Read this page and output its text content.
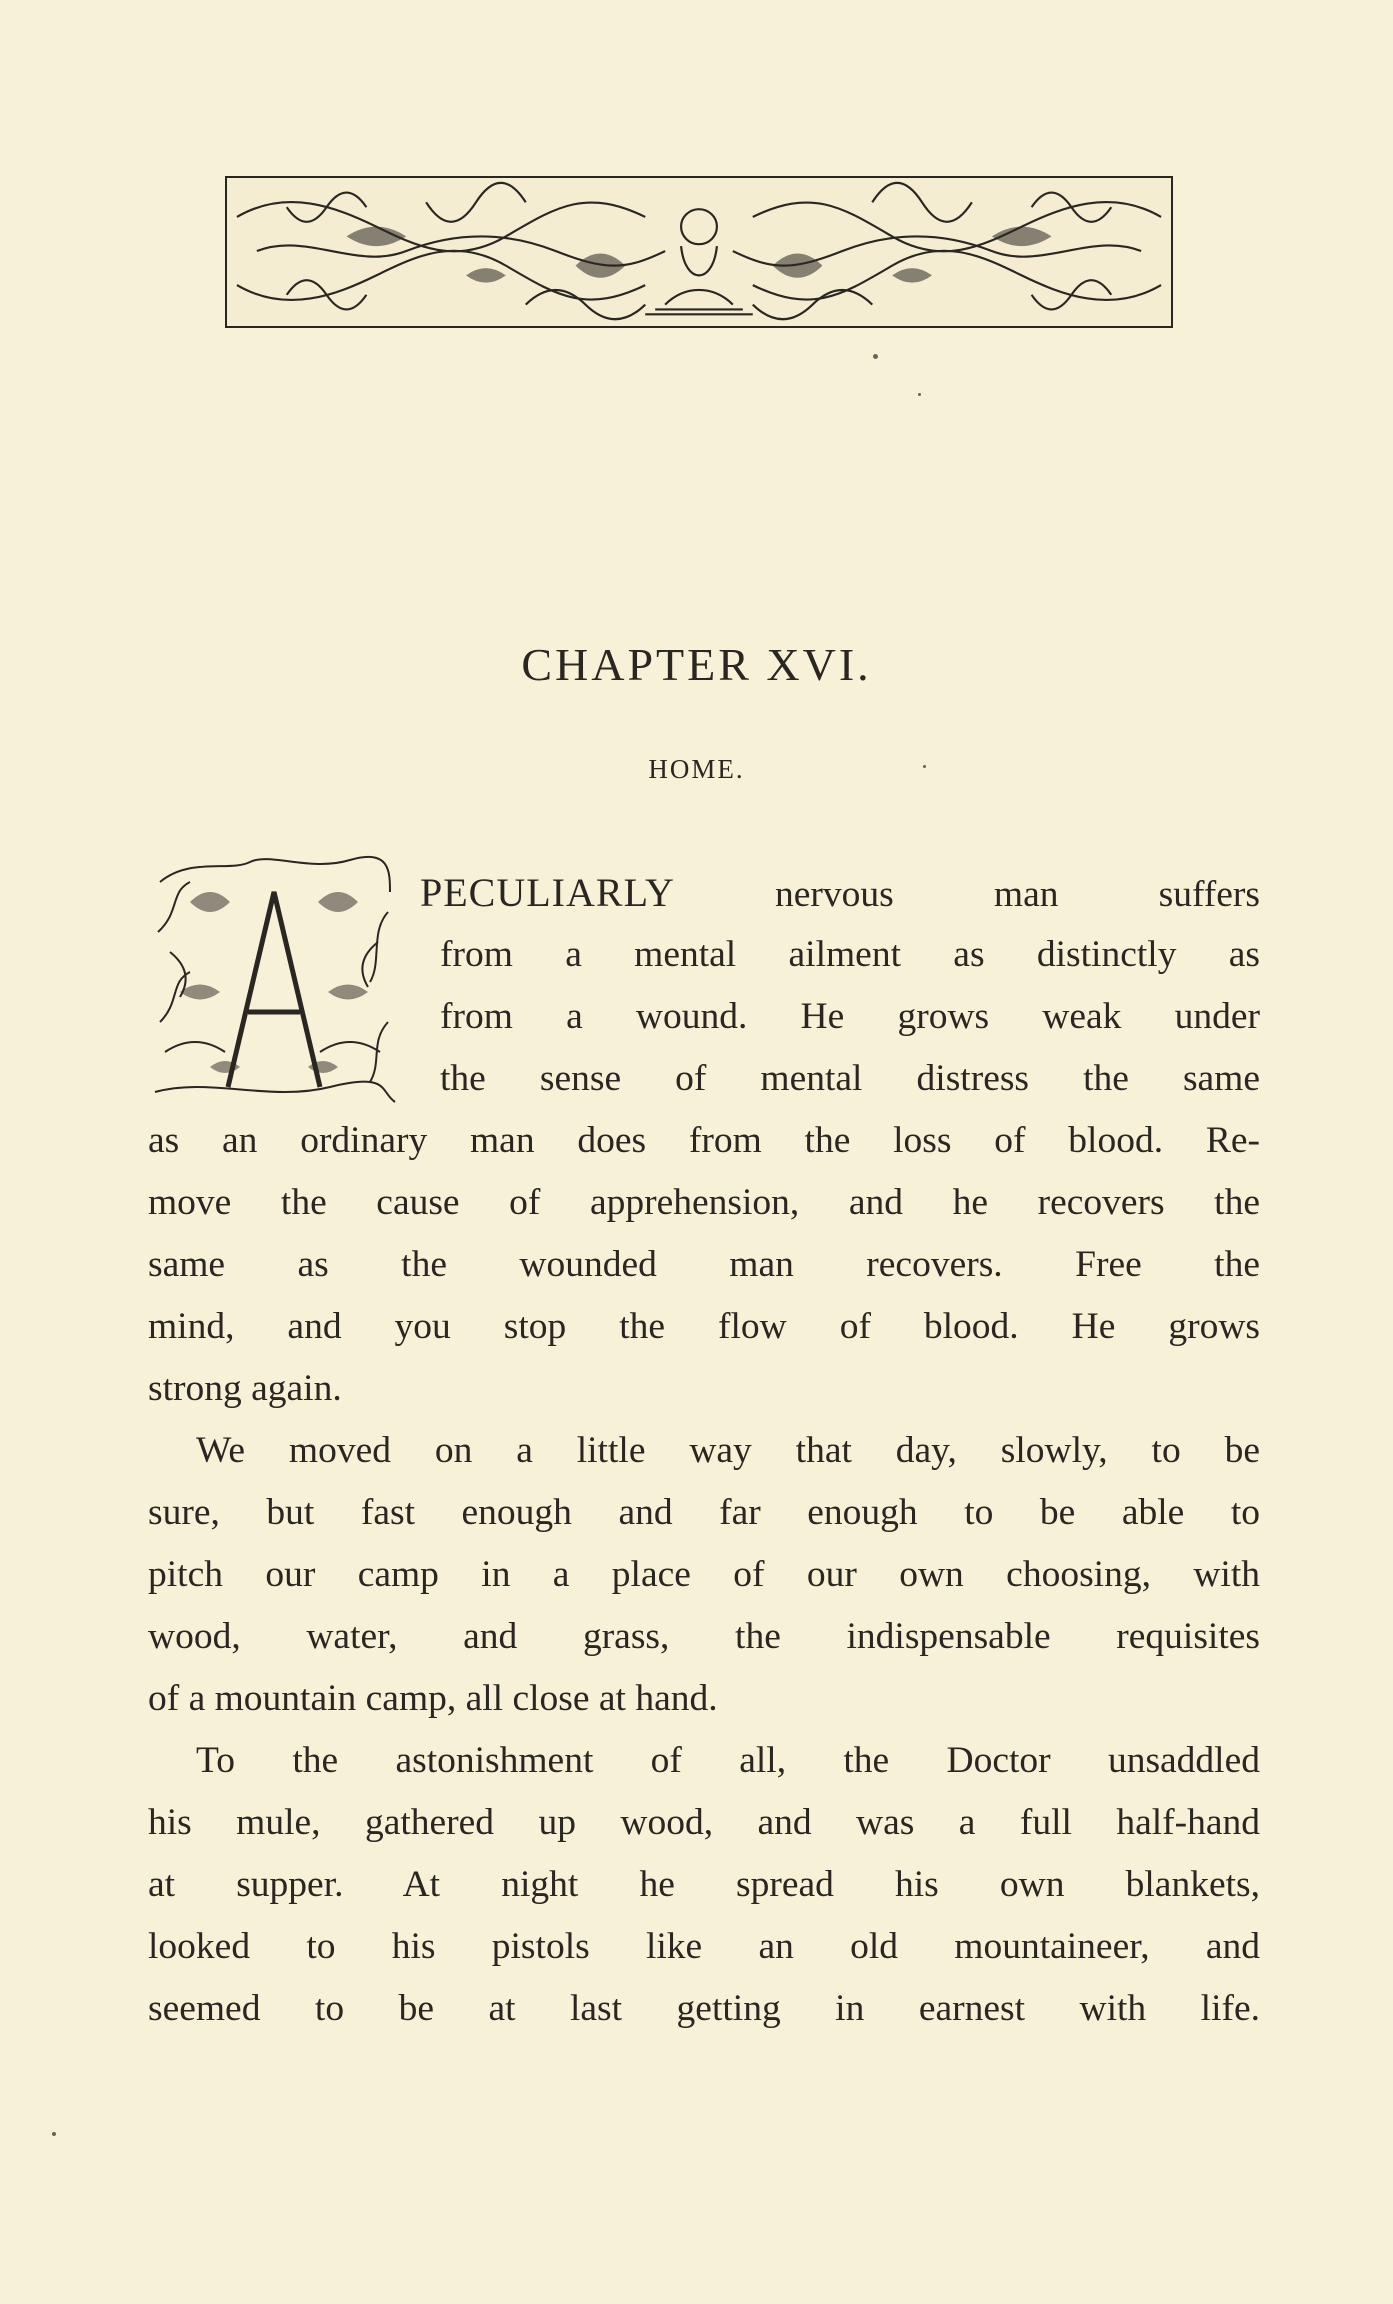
CHAPTER XVI.
HOME.
PECULIARLY nervous man suffers
from a mental ailment as distinctly as
from a wound. He grows weak under
the sense of mental distress the same
as an ordinary man does from the loss of blood. Re-
move the cause of apprehension, and he recovers the
same as the wounded man recovers. Free the
mind, and you stop the flow of blood. He grows
strong again.
We moved on a little way that day, slowly, to be
sure, but fast enough and far enough to be able to
pitch our camp in a place of our own choosing, with
wood, water, and grass, the indispensable requisites
of a mountain camp, all close at hand.
To the astonishment of all, the Doctor unsaddled
his mule, gathered up wood, and was a full half-hand
at supper. At night he spread his own blankets,
looked to his pistols like an old mountaineer, and
seemed to be at last getting in earnest with life.
